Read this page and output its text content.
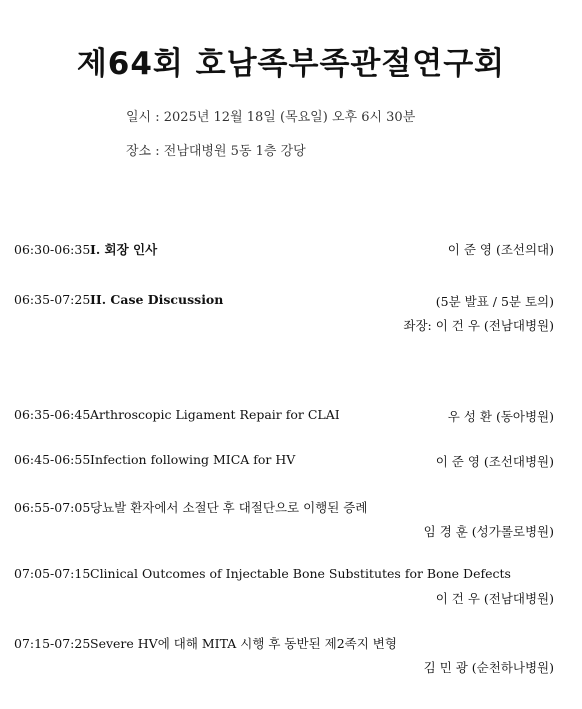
제64회 호남족부족관절연구회
일시 : 2025년 12월 18일 (목요일) 오후 6시 30분
장소 : 전남대병원 5동 1층 강당
06:30-06:35I. 회장 인사	이 준 영 (조선의대)
06:35-07:25II. Case Discussion	(5분 발표 / 5분 토의)
좌장: 이 건 우 (전남대병원)
06:35-06:45Arthroscopic Ligament Repair for CLAI	우 성 환 (동아병원)
06:45-06:55Infection following MICA for HV	이 준 영 (조선대병원)
06:55-07:05당뇨발 환자에서 소절단 후 대절단으로 이행된 증례
임 경 훈 (성가롤로병원)
07:05-07:15Clinical Outcomes of Injectable Bone Substitutes for Bone Defects
이 건 우 (전남대병원)
07:15-07:25Severe HV에 대해 MITA 시행 후 동반된 제2족지 변형
김 민 광 (순천하나병원)
